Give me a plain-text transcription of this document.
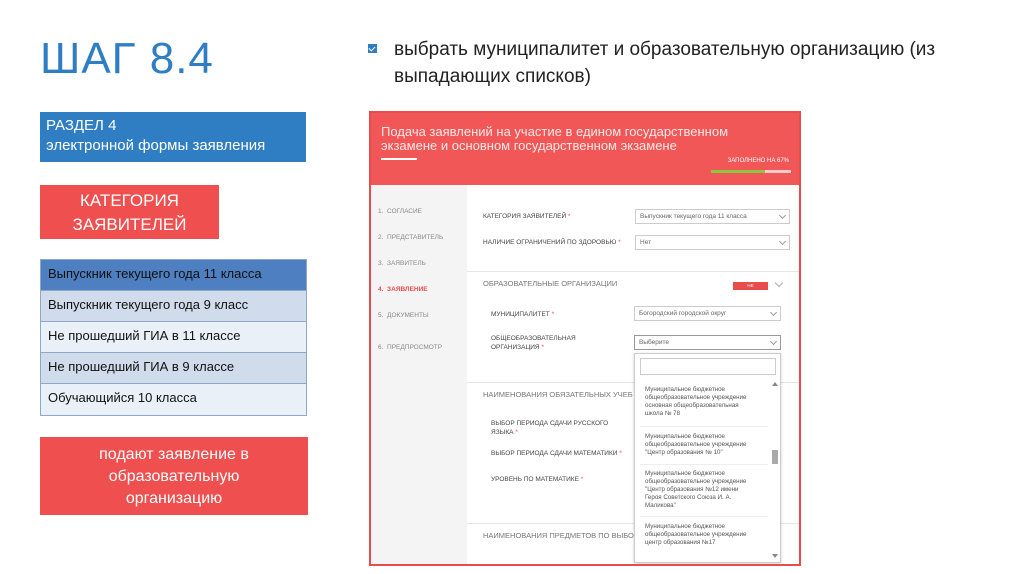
ШАГ 8.4	выбрать муниципалитет и образовательную организацию (из выпадающих списков)
РАЗДЕЛ 4
электронной формы заявления
КАТЕГОРИЯ
ЗАЯВИТЕЛЕЙ
Выпускник текущего года 11 класса
Выпускник текущего года 9 класс
Не прошедший ГИА в 11 классе
Не прошедший ГИА в 9 классе
Обучающийся 10 класса
подают заявление в
образовательную
организацию
Подача заявлений на участие в едином государственном экзамене и основном государственном экзамене
ЗАПОЛНЕНО НА 67%
1. СОГЛАСИЕ
2. ПРЕДСТАВИТЕЛЬ
3. ЗАЯВИТЕЛЬ
4. ЗАЯВЛЕНИЕ
5. ДОКУМЕНТЫ
6. ПРЕДПРОСМОТР
КАТЕГОРИЯ ЗАЯВИТЕЛЕЙ *	Выпускник текущего года 11 класса
НАЛИЧИЕ ОГРАНИЧЕНИЙ ПО ЗДОРОВЬЮ *	Нет
ОБРАЗОВАТЕЛЬНЫЕ ОРГАНИЗАЦИИ	НЕ ЗАПОЛНЕНО
МУНИЦИПАЛИТЕТ *	Богородский городской округ
ОБЩЕОБРАЗОВАТЕЛЬНАЯ
ОРГАНИЗАЦИЯ *
Выберите
НАИМЕНОВАНИЯ ОБЯЗАТЕЛЬНЫХ УЧЕБ
ВЫБОР ПЕРИОДА СДАЧИ РУССКОГО
ЯЗЫКА *
ВЫБОР ПЕРИОДА СДАЧИ МАТЕМАТИКИ *
УРОВЕНЬ ПО МАТЕМАТИКЕ *
НАИМЕНОВАНИЯ ПРЕДМЕТОВ ПО ВЫБО
Муниципальное бюджетное
общеобразовательное учреждение
основная общеобразовательная
школа № 78
Муниципальное бюджетное
общеобразовательное учреждение
"Центр образования № 10"
Муниципальное бюджетное
общеобразовательное учреждение
"Центр образования №12 имени
Героя Советского Союза И. А.
Маликова"
Муниципальное бюджетное
общеобразовательное учреждение
центр образования №17
